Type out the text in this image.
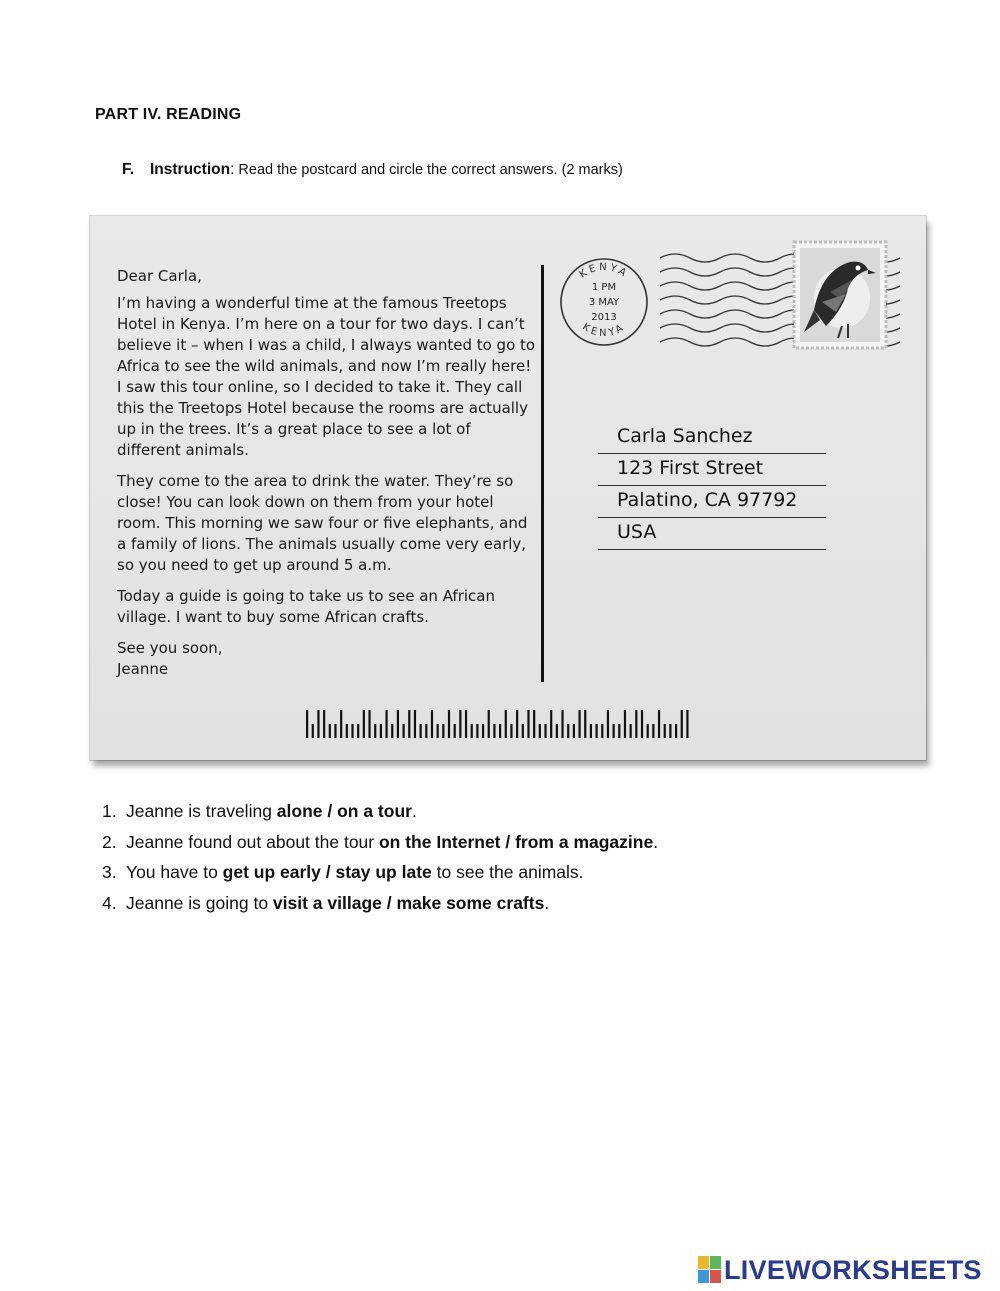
PART IV. READING
F. Instruction: Read the postcard and circle the correct answers. (2 marks)

Dear Carla,

I’m having a wonderful time at the famous Treetops Hotel in Kenya. I’m here on a tour for two days. I can’t believe it – when I was a child, I always wanted to go to Africa to see the wild animals, and now I’m really here! I saw this tour online, so I decided to take it. They call this the Treetops Hotel because the rooms are actually up in the trees. It’s a great place to see a lot of different animals.

They come to the area to drink the water. They’re so close! You can look down on them from your hotel room. This morning we saw four or five elephants, and a family of lions. The animals usually come very early, so you need to get up around 5 a.m.

Today a guide is going to take us to see an African village. I want to buy some African crafts.

See you soon,

Jeanne

KENYA
KENYA
1 PM
3 MAY
2013
Carla Sanchez
123 First Street
Palatino, CA 97792
USA
1. Jeanne is traveling alone / on a tour.
2. Jeanne found out about the tour on the Internet / from a magazine.
3. You have to get up early / stay up late to see the animals.
4. Jeanne is going to visit a village / make some crafts.
LIVEWORKSHEETS
